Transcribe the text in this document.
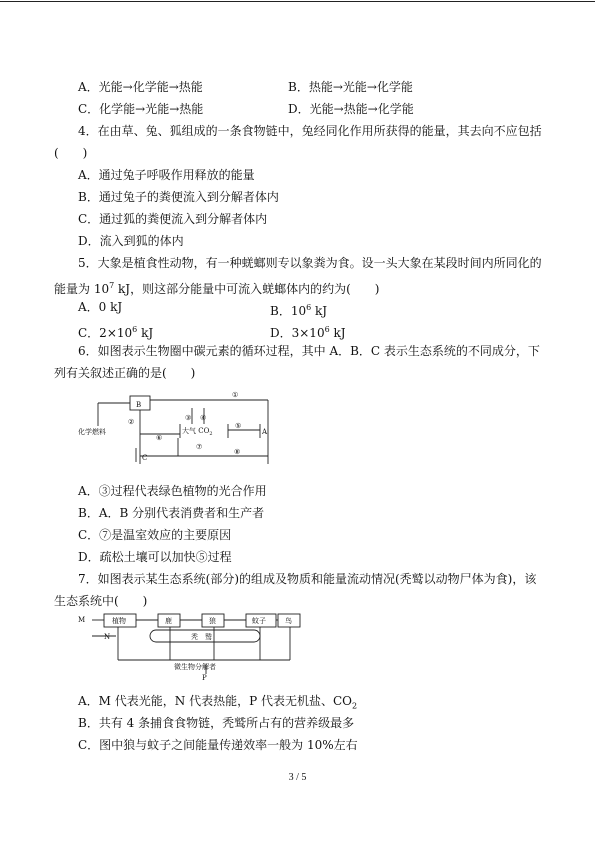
A．光能→化学能→热能	B．热能→光能→化学能
C．化学能→光能→热能	D．光能→热能→化学能
4．在由草、兔、狐组成的一条食物链中，兔经同化作用所获得的能量，其去向不应包括
(　　)
A．通过兔子呼吸作用释放的能量
B．通过兔子的粪便流入到分解者体内
C．通过狐的粪便流入到分解者体内
D．流入到狐的体内
5．大象是植食性动物，有一种蜣螂则专以象粪为食。设一头大象在某段时间内所同化的
能量为 $10^7$ kJ，则这部分能量中可流入蜣螂体内的约为(　　)
A．0 kJ	B．$10^6$ kJ
C．$2\times 10^6$ kJ	D．$3\times 10^6$ kJ
6．如图表示生物圈中碳元素的循环过程，其中 A．B．C 表示生态系统的不同成分，下
列有关叙述正确的是(　　)
化学燃料
B
A
C
大气 $CO_2$
①
②	③ ④
⑤
⑥
⑦
⑧
A．③过程代表绿色植物的光合作用
B．A．B 分别代表消费者和生产者
C．⑦是温室效应的主要原因
D．疏松土壤可以加快⑤过程
7．如图表示某生态系统(部分)的组成及物质和能量流动情况(秃鹫以动物尸体为食)，该
生态系统中(　　)
M
N
P
植物	鹿	狼	蚊子	鸟
秃　鹫
微生物分解者
A．M 代表光能，N 代表热能，P 代表无机盐、$CO_2$
B．共有 4 条捕食食物链，秃鹫所占有的营养级最多
C．图中狼与蚊子之间能量传递效率一般为 10%左右
3 / 5
